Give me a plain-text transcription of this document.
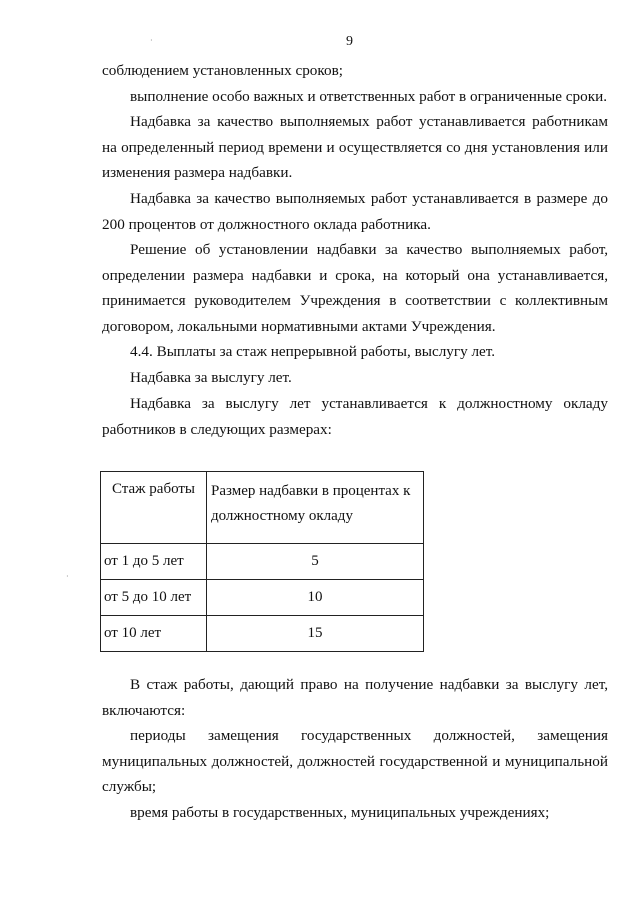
9

соблюдением установленных сроков;

выполнение особо важных и ответственных работ в ограниченные сроки.

Надбавка за качество выполняемых работ устанавливается работникам на определенный период времени и осуществляется со дня установления или изменения размера надбавки.

Надбавка за качество выполняемых работ устанавливается в размере до 200 процентов от должностного оклада работника.

Решение об установлении надбавки за качество выполняемых работ, определении размера надбавки и срока, на который она устанавливается, принимается руководителем Учреждения в соответствии с коллективным договором, локальными нормативными актами Учреждения.

4.4. Выплаты за стаж непрерывной работы, выслугу лет.

Надбавка за выслугу лет.

Надбавка за выслугу лет устанавливается к должностному окладу работников в следующих размерах:

Стаж работы	Размер надбавки в процентах к должностному окладу
от 1 до 5 лет	5
от 5 до 10 лет	10
от 10 лет	15

В стаж работы, дающий право на получение надбавки за выслугу лет, включаются:

периоды замещения государственных должностей, замещения муниципальных должностей, должностей государственной и муниципальной службы;

время работы в государственных, муниципальных учреждениях;

·
·
